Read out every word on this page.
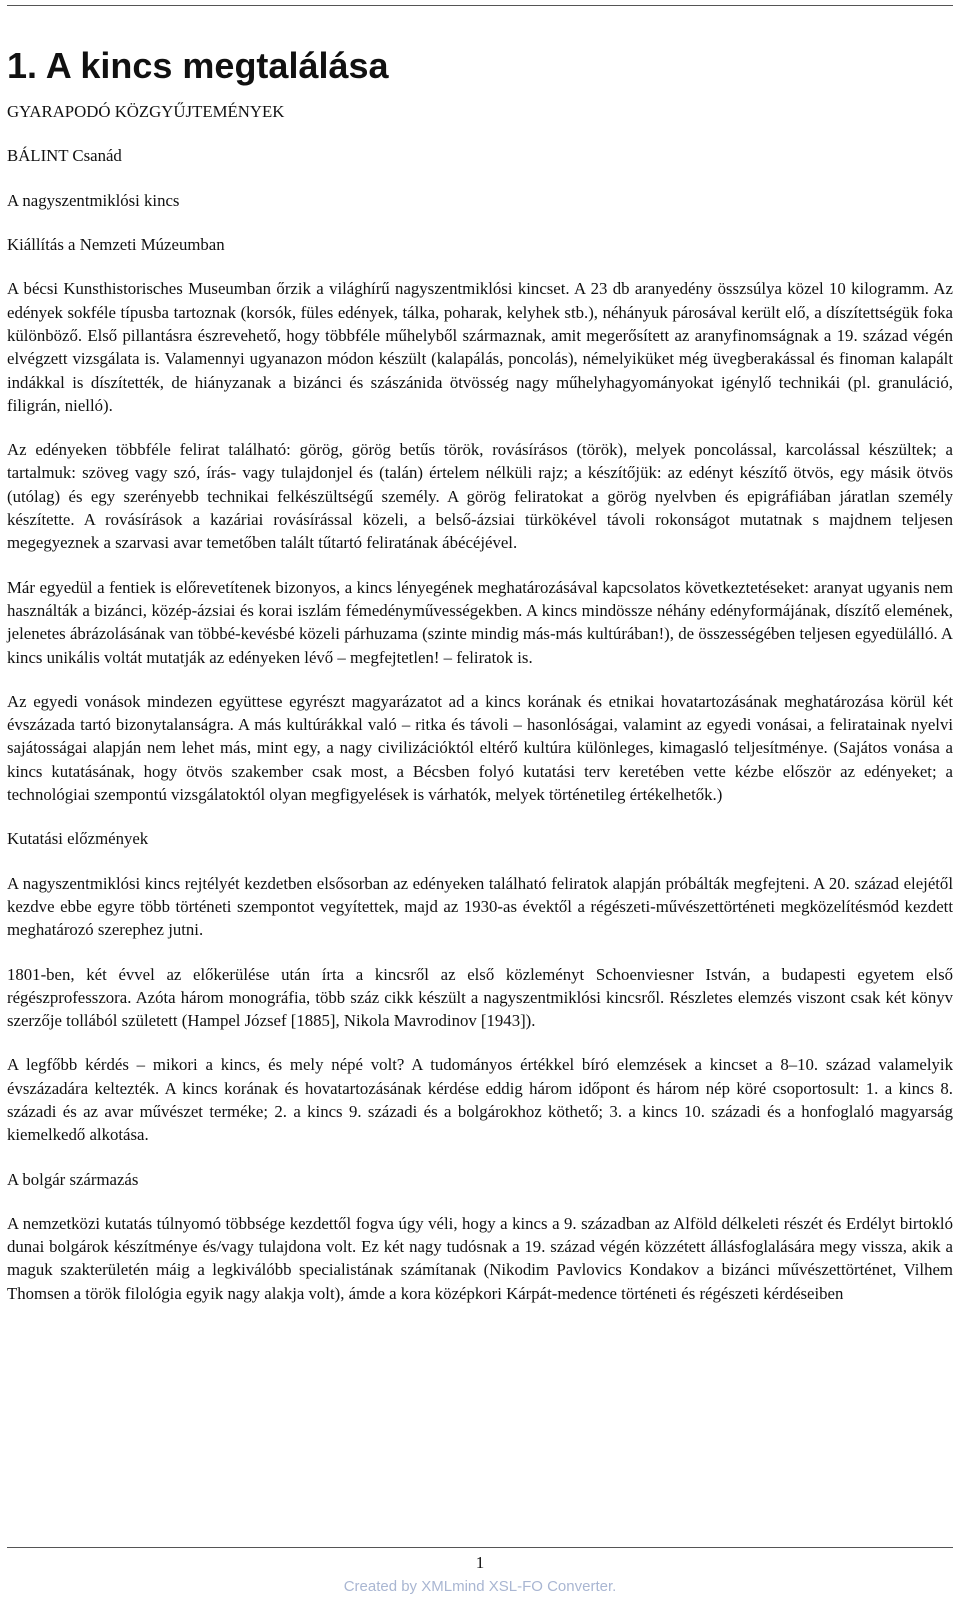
1. A kincs megtalálása

GYARAPODÓ KÖZGYŰJTEMÉNYEK

BÁLINT Csanád

A nagyszentmiklósi kincs

Kiállítás a Nemzeti Múzeumban

A bécsi Kunsthistorisches Museumban őrzik a világhírű nagyszentmiklósi kincset. A 23 db aranyedény összsúlya közel 10 kilogramm. Az edények sokféle típusba tartoznak (korsók, füles edények, tálka, poharak, kelyhek stb.), néhányuk párosával került elő, a díszítettségük foka különböző. Első pillantásra észrevehető, hogy többféle műhelyből származnak, amit megerősített az aranyfinomságnak a 19. század végén elvégzett vizsgálata is. Valamennyi ugyanazon módon készült (kalapálás, poncolás), némelyiküket még üvegberakással és finoman kalapált indákkal is díszítették, de hiányzanak a bizánci és szászánida ötvösség nagy műhelyhagyományokat igénylő technikái (pl. granuláció, filigrán, nielló).

Az edényeken többféle felirat található: görög, görög betűs török, rovásírásos (török), melyek poncolással, karcolással készültek; a tartalmuk: szöveg vagy szó, írás- vagy tulajdonjel és (talán) értelem nélküli rajz; a készítőjük: az edényt készítő ötvös, egy másik ötvös (utólag) és egy szerényebb technikai felkészültségű személy. A görög feliratokat a görög nyelvben és epigráfiában járatlan személy készítette. A rovásírások a kazáriai rovásírással közeli, a belső-ázsiai türkökével távoli rokonságot mutatnak s majdnem teljesen megegyeznek a szarvasi avar temetőben talált tűtartó feliratának ábécéjével.

Már egyedül a fentiek is előrevetítenek bizonyos, a kincs lényegének meghatározásával kapcsolatos következtetéseket: aranyat ugyanis nem használták a bizánci, közép-ázsiai és korai iszlám fémedényművességekben. A kincs mindössze néhány edényformájának, díszítő elemének, jelenetes ábrázolásának van többé-kevésbé közeli párhuzama (szinte mindig más-más kultúrában!), de összességében teljesen egyedülálló. A kincs unikális voltát mutatják az edényeken lévő – megfejtetlen! – feliratok is.

Az egyedi vonások mindezen együttese egyrészt magyarázatot ad a kincs korának és etnikai hovatartozásának meghatározása körül két évszázada tartó bizonytalanságra. A más kultúrákkal való – ritka és távoli – hasonlóságai, valamint az egyedi vonásai, a feliratainak nyelvi sajátosságai alapján nem lehet más, mint egy, a nagy civilizációktól eltérő kultúra különleges, kimagasló teljesítménye. (Sajátos vonása a kincs kutatásának, hogy ötvös szakember csak most, a Bécsben folyó kutatási terv keretében vette kézbe először az edényeket; a technológiai szempontú vizsgálatoktól olyan megfigyelések is várhatók, melyek történetileg értékelhetők.)

Kutatási előzmények

A nagyszentmiklósi kincs rejtélyét kezdetben elsősorban az edényeken található feliratok alapján próbálták megfejteni. A 20. század elejétől kezdve ebbe egyre több történeti szempontot vegyítettek, majd az 1930-as évektől a régészeti-művészettörténeti megközelítésmód kezdett meghatározó szerephez jutni.

1801-ben, két évvel az előkerülése után írta a kincsről az első közleményt Schoenviesner István, a budapesti egyetem első régészprofesszora. Azóta három monográfia, több száz cikk készült a nagyszentmiklósi kincsről. Részletes elemzés viszont csak két könyv szerzője tollából született (Hampel József [1885], Nikola Mavrodinov [1943]).

A legfőbb kérdés – mikori a kincs, és mely népé volt? A tudományos értékkel bíró elemzések a kincset a 8–10. század valamelyik évszázadára keltezték. A kincs korának és hovatartozásának kérdése eddig három időpont és három nép köré csoportosult: 1. a kincs 8. századi és az avar művészet terméke; 2. a kincs 9. századi és a bolgárokhoz köthető; 3. a kincs 10. századi és a honfoglaló magyarság kiemelkedő alkotása.

A bolgár származás

A nemzetközi kutatás túlnyomó többsége kezdettől fogva úgy véli, hogy a kincs a 9. században az Alföld délkeleti részét és Erdélyt birtokló dunai bolgárok készítménye és/vagy tulajdona volt. Ez két nagy tudósnak a 19. század végén közzétett állásfoglalására megy vissza, akik a maguk szakterületén máig a legkiválóbb specialistának számítanak (Nikodim Pavlovics Kondakov a bizánci művészettörténet, Vilhem Thomsen a török filológia egyik nagy alakja volt), ámde a kora középkori Kárpát-medence történeti és régészeti kérdéseiben

1
Created by XMLmind XSL-FO Converter.
